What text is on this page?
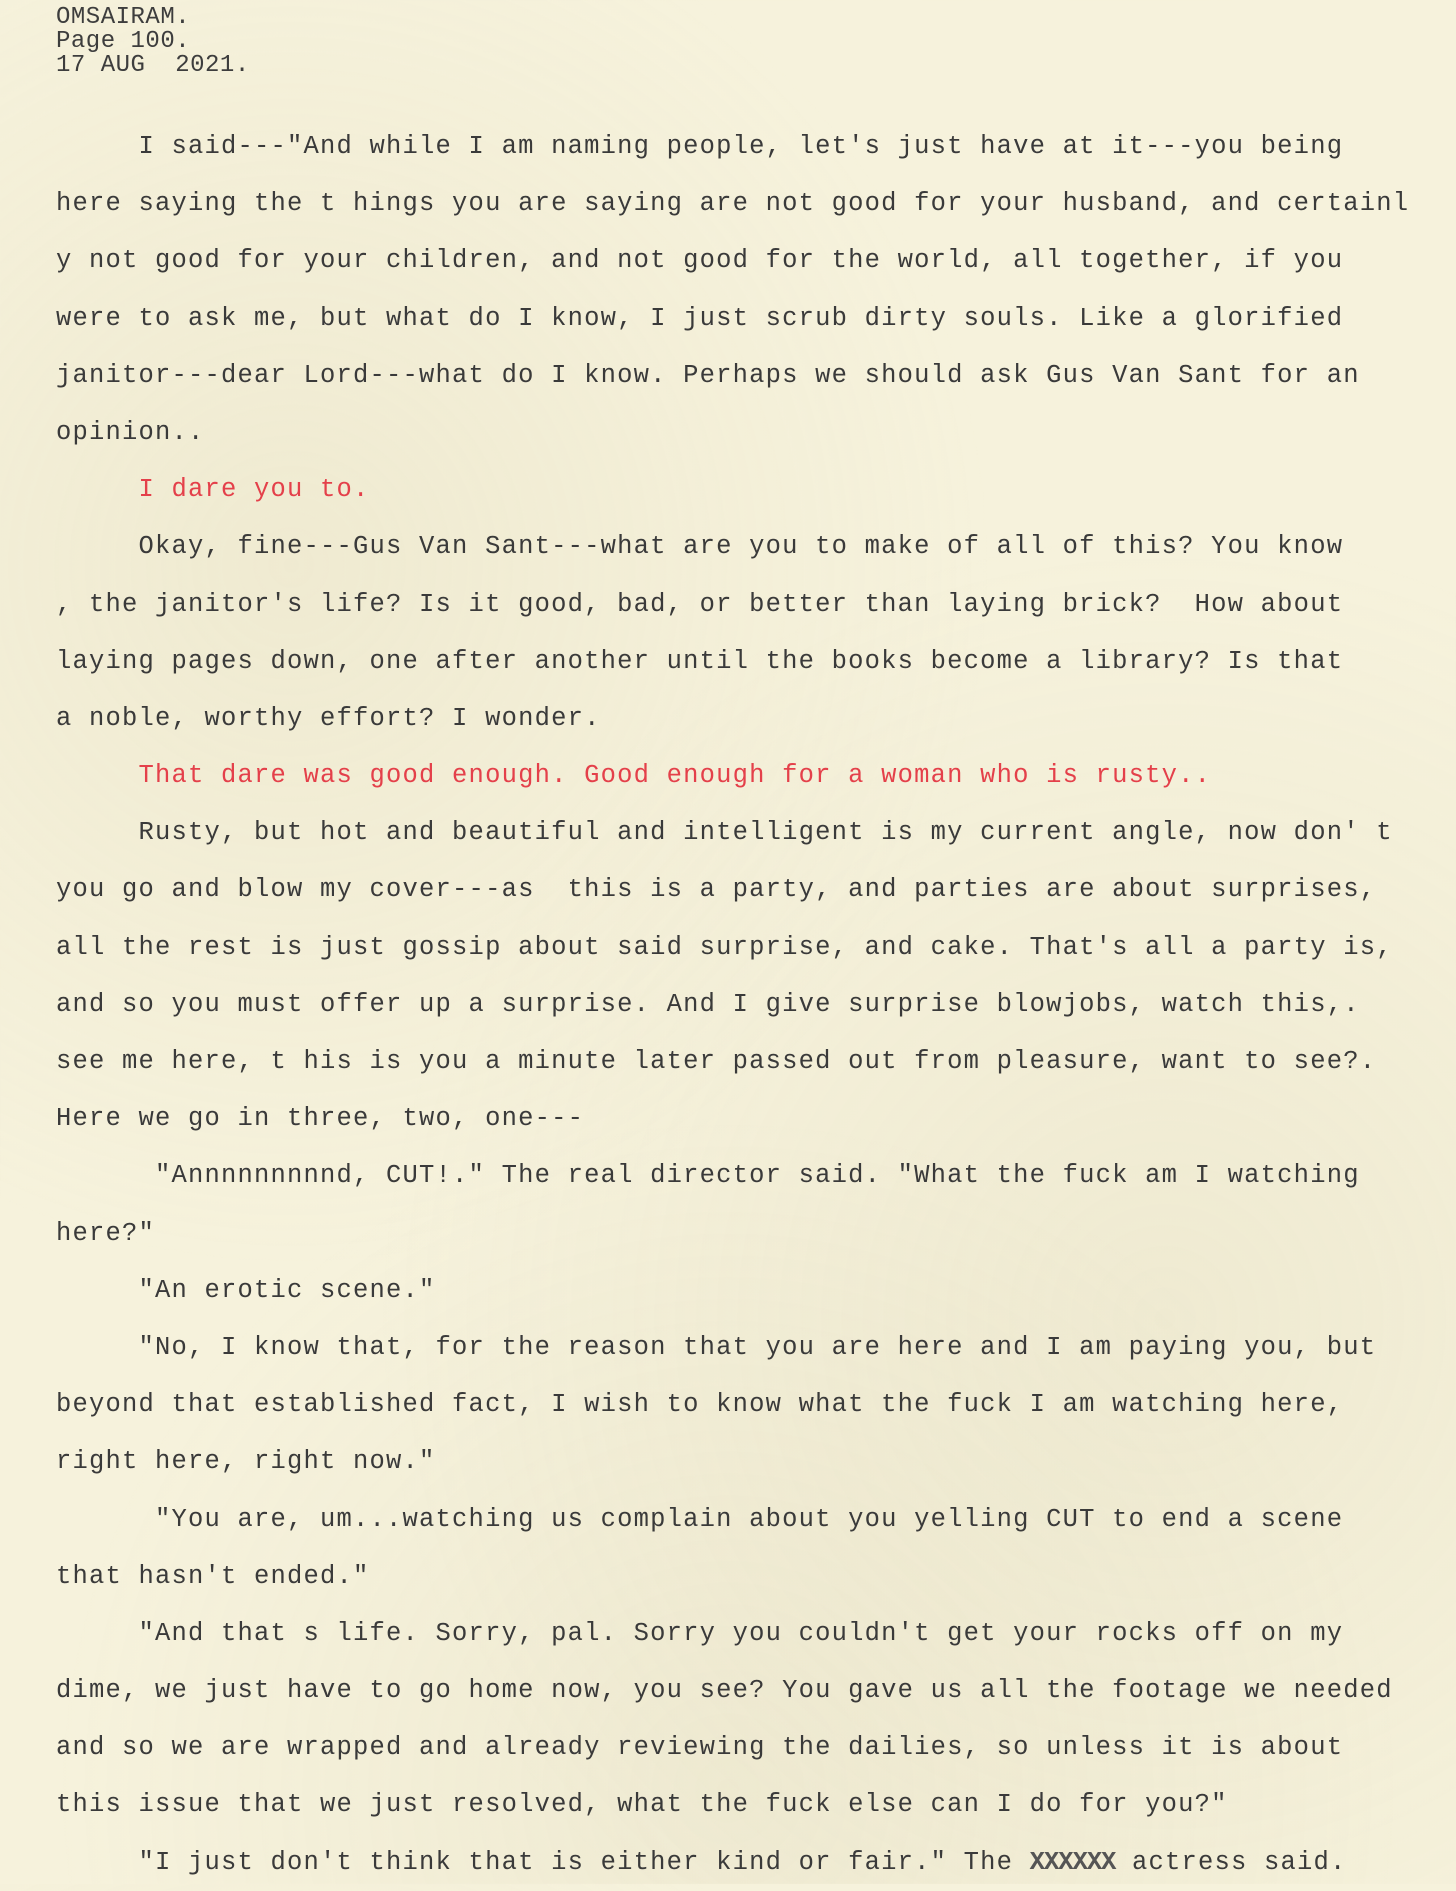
OMSAIRAM.
Page 100.
17 AUG  2021.
I said---"And while I am naming people, let's just have at it---you being
here saying the t hings you are saying are not good for your husband, and certainl
y not good for your children, and not good for the world, all together, if you
were to ask me, but what do I know, I just scrub dirty souls. Like a glorified
janitor---dear Lord---what do I know. Perhaps we should ask Gus Van Sant for an
opinion..
I dare you to.
Okay, fine---Gus Van Sant---what are you to make of all of this? You know
, the janitor's life? Is it good, bad, or better than laying brick?  How about
laying pages down, one after another until the books become a library? Is that
a noble, worthy effort? I wonder.
That dare was good enough. Good enough for a woman who is rusty..
Rusty, but hot and beautiful and intelligent is my current angle, now don' t
you go and blow my cover---as  this is a party, and parties are about surprises,
all the rest is just gossip about said surprise, and cake. That's all a party is,
and so you must offer up a surprise. And I give surprise blowjobs, watch this,.
see me here, t his is you a minute later passed out from pleasure, want to see?.
Here we go in three, two, one---
"Annnnnnnnnd, CUT!." The real director said. "What the fuck am I watching
here?"
"An erotic scene."
"No, I know that, for the reason that you are here and I am paying you, but
beyond that established fact, I wish to know what the fuck I am watching here,
right here, right now."
"You are, um...watching us complain about you yelling CUT to end a scene
that hasn't ended."
"And that s life. Sorry, pal. Sorry you couldn't get your rocks off on my
dime, we just have to go home now, you see? You gave us all the footage we needed
and so we are wrapped and already reviewing the dailies, so unless it is about
this issue that we just resolved, what the fuck else can I do for you?"
"I just don't think that is either kind or fair." The XXXXXX actress said.
